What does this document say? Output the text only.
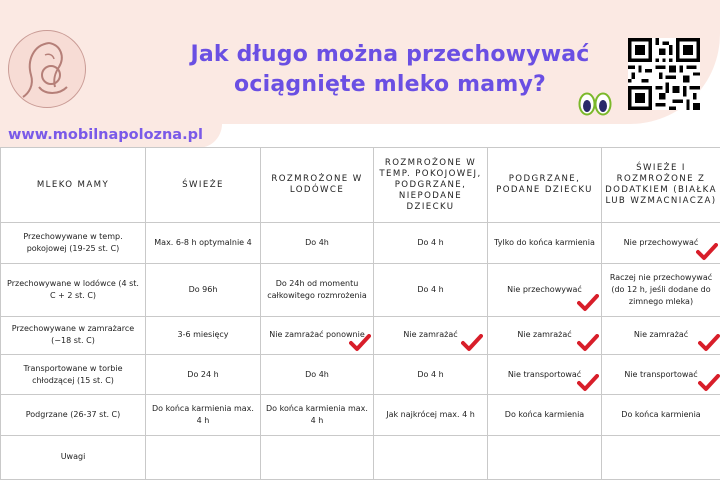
Jak długo można przechowywać
ociągnięte mleko mamy?
www.mobilnapolozna.pl
MLEKO MAMY	ŚWIEŻE	ROZMROŻONE W LODÓWCE	ROZMROŻONE W TEMP. POKOJOWEJ, PODGRZANE, NIEPODANE DZIECKU	PODGRZANE, PODANE DZIECKU	ŚWIEŻE I ROZMROŻONE Z DODATKIEM (BIAŁKA LUB WZMACNIACZA)
Przechowywane w temp. pokojowej (19-25 st. C)	Max. 6-8 h optymalnie 4	Do 4h	Do 4 h	Tylko do końca karmienia	Nie przechowywać

Przechowywane w lodówce (4 st. C + 2 st. C)	Do 96h	Do 24h od momentu całkowitego rozmrożenia	Do 4 h	Nie przechowywać	Raczej nie przechowywać (do 12 h, jeśli dodane do zimnego mleka)
Przechowywane w zamrażarce (−18 st. C)	3-6 miesięcy	Nie zamrażać ponownie	Nie zamrażać	Nie zamrażać	Nie zamrażać

Transportowane w torbie chłodzącej (15 st. C)	Do 24 h	Do 4h	Do 4 h	Nie transportować	Nie transportować

Podgrzane (26-37 st. C)	Do końca karmienia max. 4 h	Do końca karmienia max. 4 h	Jak najkrócej max. 4 h	Do końca karmienia	Do końca karmienia
Uwagi					
